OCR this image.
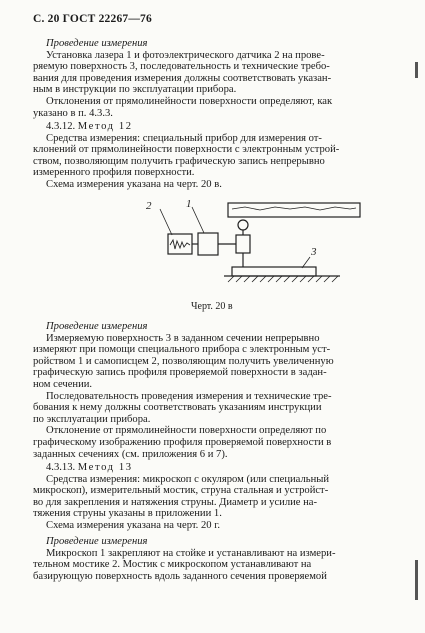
С. 20 ГОСТ 22267—76

Проведение измерения

Установка лазера 1 и фотоэлектрического датчика 2 на прове-

ряемую поверхность 3, последовательность и технические требо-

вания для проведения измерения должны соответствовать указан-

ным в инструкции по эксплуатации прибора.

Отклонения от прямолинейности поверхности определяют, как

указано в п. 4.3.3.

4.3.12. Метод 12

Средства измерения: специальный прибор для измерения от-

клонений от прямолинейности поверхности с электронным устрой-

ством, позволяющим получить графическую запись непрерывно

измеренного профиля поверхности.

Схема измерения указана на черт. 20 в.

2	1
3
Черт. 20 в

Проведение измерения

Измеряемую поверхность 3 в заданном сечении непрерывно

измеряют при помощи специального прибора с электронным уст-

ройством 1 и самописцем 2, позволяющим получить увеличенную

графическую запись профиля проверяемой поверхности в задан-

ном сечении.

Последовательность проведения измерения и технические тре-

бования к нему должны соответствовать указаниям инструкции

по эксплуатации прибора.

Отклонение от прямолинейности поверхности определяют по

графическому изображению профиля проверяемой поверхности в

заданных сечениях (см. приложения 6 и 7).

4.3.13. Метод 13

Средства измерения: микроскоп с окуляром (или специальный

микроскоп), измерительный мостик, струна стальная и устройст-

во для закрепления и натяжения струны. Диаметр и усилие на-

тяжения струны указаны в приложении 1.

Схема измерения указана на черт. 20 г.

Проведение измерения

Микроскоп 1 закрепляют на стойке и устанавливают на измери-

тельном мостике 2. Мостик с микроскопом устанавливают на

базирующую поверхность вдоль заданного сечения проверяемой
